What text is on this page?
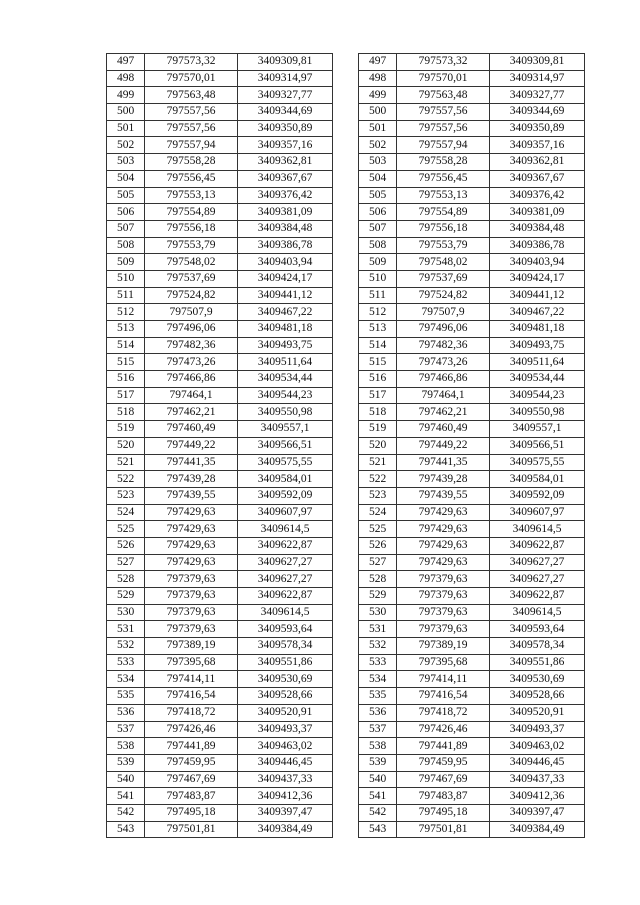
497	797573,32	3409309,81
498	797570,01	3409314,97
499	797563,48	3409327,77
500	797557,56	3409344,69
501	797557,56	3409350,89
502	797557,94	3409357,16
503	797558,28	3409362,81
504	797556,45	3409367,67
505	797553,13	3409376,42
506	797554,89	3409381,09
507	797556,18	3409384,48
508	797553,79	3409386,78
509	797548,02	3409403,94
510	797537,69	3409424,17
511	797524,82	3409441,12
512	797507,9	3409467,22
513	797496,06	3409481,18
514	797482,36	3409493,75
515	797473,26	3409511,64
516	797466,86	3409534,44
517	797464,1	3409544,23
518	797462,21	3409550,98
519	797460,49	3409557,1
520	797449,22	3409566,51
521	797441,35	3409575,55
522	797439,28	3409584,01
523	797439,55	3409592,09
524	797429,63	3409607,97
525	797429,63	3409614,5
526	797429,63	3409622,87
527	797429,63	3409627,27
528	797379,63	3409627,27
529	797379,63	3409622,87
530	797379,63	3409614,5
531	797379,63	3409593,64
532	797389,19	3409578,34
533	797395,68	3409551,86
534	797414,11	3409530,69
535	797416,54	3409528,66
536	797418,72	3409520,91
537	797426,46	3409493,37
538	797441,89	3409463,02
539	797459,95	3409446,45
540	797467,69	3409437,33
541	797483,87	3409412,36
542	797495,18	3409397,47
543	797501,81	3409384,49
497	797573,32	3409309,81
498	797570,01	3409314,97
499	797563,48	3409327,77
500	797557,56	3409344,69
501	797557,56	3409350,89
502	797557,94	3409357,16
503	797558,28	3409362,81
504	797556,45	3409367,67
505	797553,13	3409376,42
506	797554,89	3409381,09
507	797556,18	3409384,48
508	797553,79	3409386,78
509	797548,02	3409403,94
510	797537,69	3409424,17
511	797524,82	3409441,12
512	797507,9	3409467,22
513	797496,06	3409481,18
514	797482,36	3409493,75
515	797473,26	3409511,64
516	797466,86	3409534,44
517	797464,1	3409544,23
518	797462,21	3409550,98
519	797460,49	3409557,1
520	797449,22	3409566,51
521	797441,35	3409575,55
522	797439,28	3409584,01
523	797439,55	3409592,09
524	797429,63	3409607,97
525	797429,63	3409614,5
526	797429,63	3409622,87
527	797429,63	3409627,27
528	797379,63	3409627,27
529	797379,63	3409622,87
530	797379,63	3409614,5
531	797379,63	3409593,64
532	797389,19	3409578,34
533	797395,68	3409551,86
534	797414,11	3409530,69
535	797416,54	3409528,66
536	797418,72	3409520,91
537	797426,46	3409493,37
538	797441,89	3409463,02
539	797459,95	3409446,45
540	797467,69	3409437,33
541	797483,87	3409412,36
542	797495,18	3409397,47
543	797501,81	3409384,49
